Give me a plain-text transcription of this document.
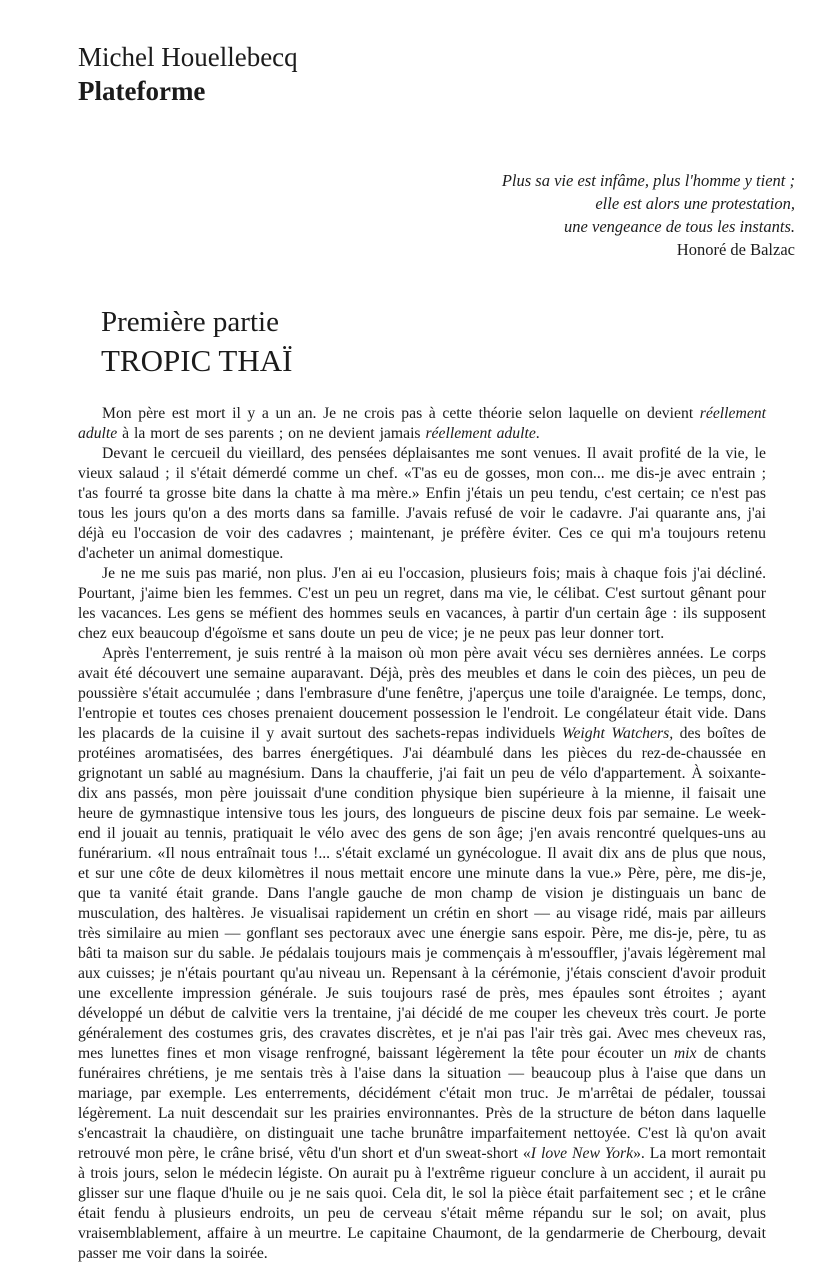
Michel Houellebecq
Plateforme
Plus sa vie est infâme, plus l'homme y tient ;
elle est alors une protestation,
une vengeance de tous les instants.
Honoré de Balzac
Première partie
TROPIC THAÏ

Mon père est mort il y a un an. Je ne crois pas à cette théorie selon laquelle on devient réellement adulte à la mort de ses parents ; on ne devient jamais réellement adulte.

Devant le cercueil du vieillard, des pensées déplaisantes me sont venues. Il avait profité de la vie, le vieux salaud ; il s'était démerdé comme un chef. «T'as eu de gosses, mon con... me dis-je avec entrain ; t'as fourré ta grosse bite dans la chatte à ma mère.» Enfin j'étais un peu tendu, c'est certain; ce n'est pas tous les jours qu'on a des morts dans sa famille. J'avais refusé de voir le cadavre. J'ai quarante ans, j'ai déjà eu l'occasion de voir des cadavres ; maintenant, je préfère éviter. Ces ce qui m'a toujours retenu d'acheter un animal domestique.

Je ne me suis pas marié, non plus. J'en ai eu l'occasion, plusieurs fois; mais à chaque fois j'ai décliné. Pourtant, j'aime bien les femmes. C'est un peu un regret, dans ma vie, le célibat. C'est surtout gênant pour les vacances. Les gens se méfient des hommes seuls en vacances, à partir d'un certain âge : ils supposent chez eux beaucoup d'égoïsme et sans doute un peu de vice; je ne peux pas leur donner tort.

Après l'enterrement, je suis rentré à la maison où mon père avait vécu ses dernières années. Le corps avait été découvert une semaine auparavant. Déjà, près des meubles et dans le coin des pièces, un peu de poussière s'était accumulée ; dans l'embrasure d'une fenêtre, j'aperçus une toile d'araignée. Le temps, donc, l'entropie et toutes ces choses prenaient doucement possession le l'endroit. Le congélateur était vide. Dans les placards de la cuisine il y avait surtout des sachets-repas individuels Weight Watchers, des boîtes de protéines aromatisées, des barres énergétiques. J'ai déambulé dans les pièces du rez-de-chaussée en grignotant un sablé au magnésium. Dans la chaufferie, j'ai fait un peu de vélo d'appartement. À soixante-dix ans passés, mon père jouissait d'une condition physique bien supérieure à la mienne, il faisait une heure de gymnastique intensive tous les jours, des longueurs de piscine deux fois par semaine. Le week-end il jouait au tennis, pratiquait le vélo avec des gens de son âge; j'en avais rencontré quelques-uns au funérarium. «Il nous entraînait tous !... s'était exclamé un gynécologue. Il avait dix ans de plus que nous, et sur une côte de deux kilomètres il nous mettait encore une minute dans la vue.» Père, père, me dis-je, que ta vanité était grande. Dans l'angle gauche de mon champ de vision je distinguais un banc de musculation, des haltères. Je visualisai rapidement un crétin en short — au visage ridé, mais par ailleurs très similaire au mien — gonflant ses pectoraux avec une énergie sans espoir. Père, me dis-je, père, tu as bâti ta maison sur du sable. Je pédalais toujours mais je commençais à m'essouffler, j'avais légèrement mal aux cuisses; je n'étais pourtant qu'au niveau un. Repensant à la cérémonie, j'étais conscient d'avoir produit une excellente impression générale. Je suis toujours rasé de près, mes épaules sont étroites ; ayant développé un début de calvitie vers la trentaine, j'ai décidé de me couper les cheveux très court. Je porte généralement des costumes gris, des cravates discrètes, et je n'ai pas l'air très gai. Avec mes cheveux ras, mes lunettes fines et mon visage renfrogné, baissant légèrement la tête pour écouter un mix de chants funéraires chrétiens, je me sentais très à l'aise dans la situation — beaucoup plus à l'aise que dans un mariage, par exemple. Les enterrements, décidément c'était mon truc. Je m'arrêtai de pédaler, toussai légèrement. La nuit descendait sur les prairies environnantes. Près de la structure de béton dans laquelle s'encastrait la chaudière, on distinguait une tache brunâtre imparfaitement nettoyée. C'est là qu'on avait retrouvé mon père, le crâne brisé, vêtu d'un short et d'un sweat-short «I love New York». La mort remontait à trois jours, selon le médecin légiste. On aurait pu à l'extrême rigueur conclure à un accident, il aurait pu glisser sur une flaque d'huile ou je ne sais quoi. Cela dit, le sol la pièce était parfaitement sec ; et le crâne était fendu à plusieurs endroits, un peu de cerveau s'était même répandu sur le sol; on avait, plus vraisemblablement, affaire à un meurtre. Le capitaine Chaumont, de la gendarmerie de Cherbourg, devait passer me voir dans la soirée.
